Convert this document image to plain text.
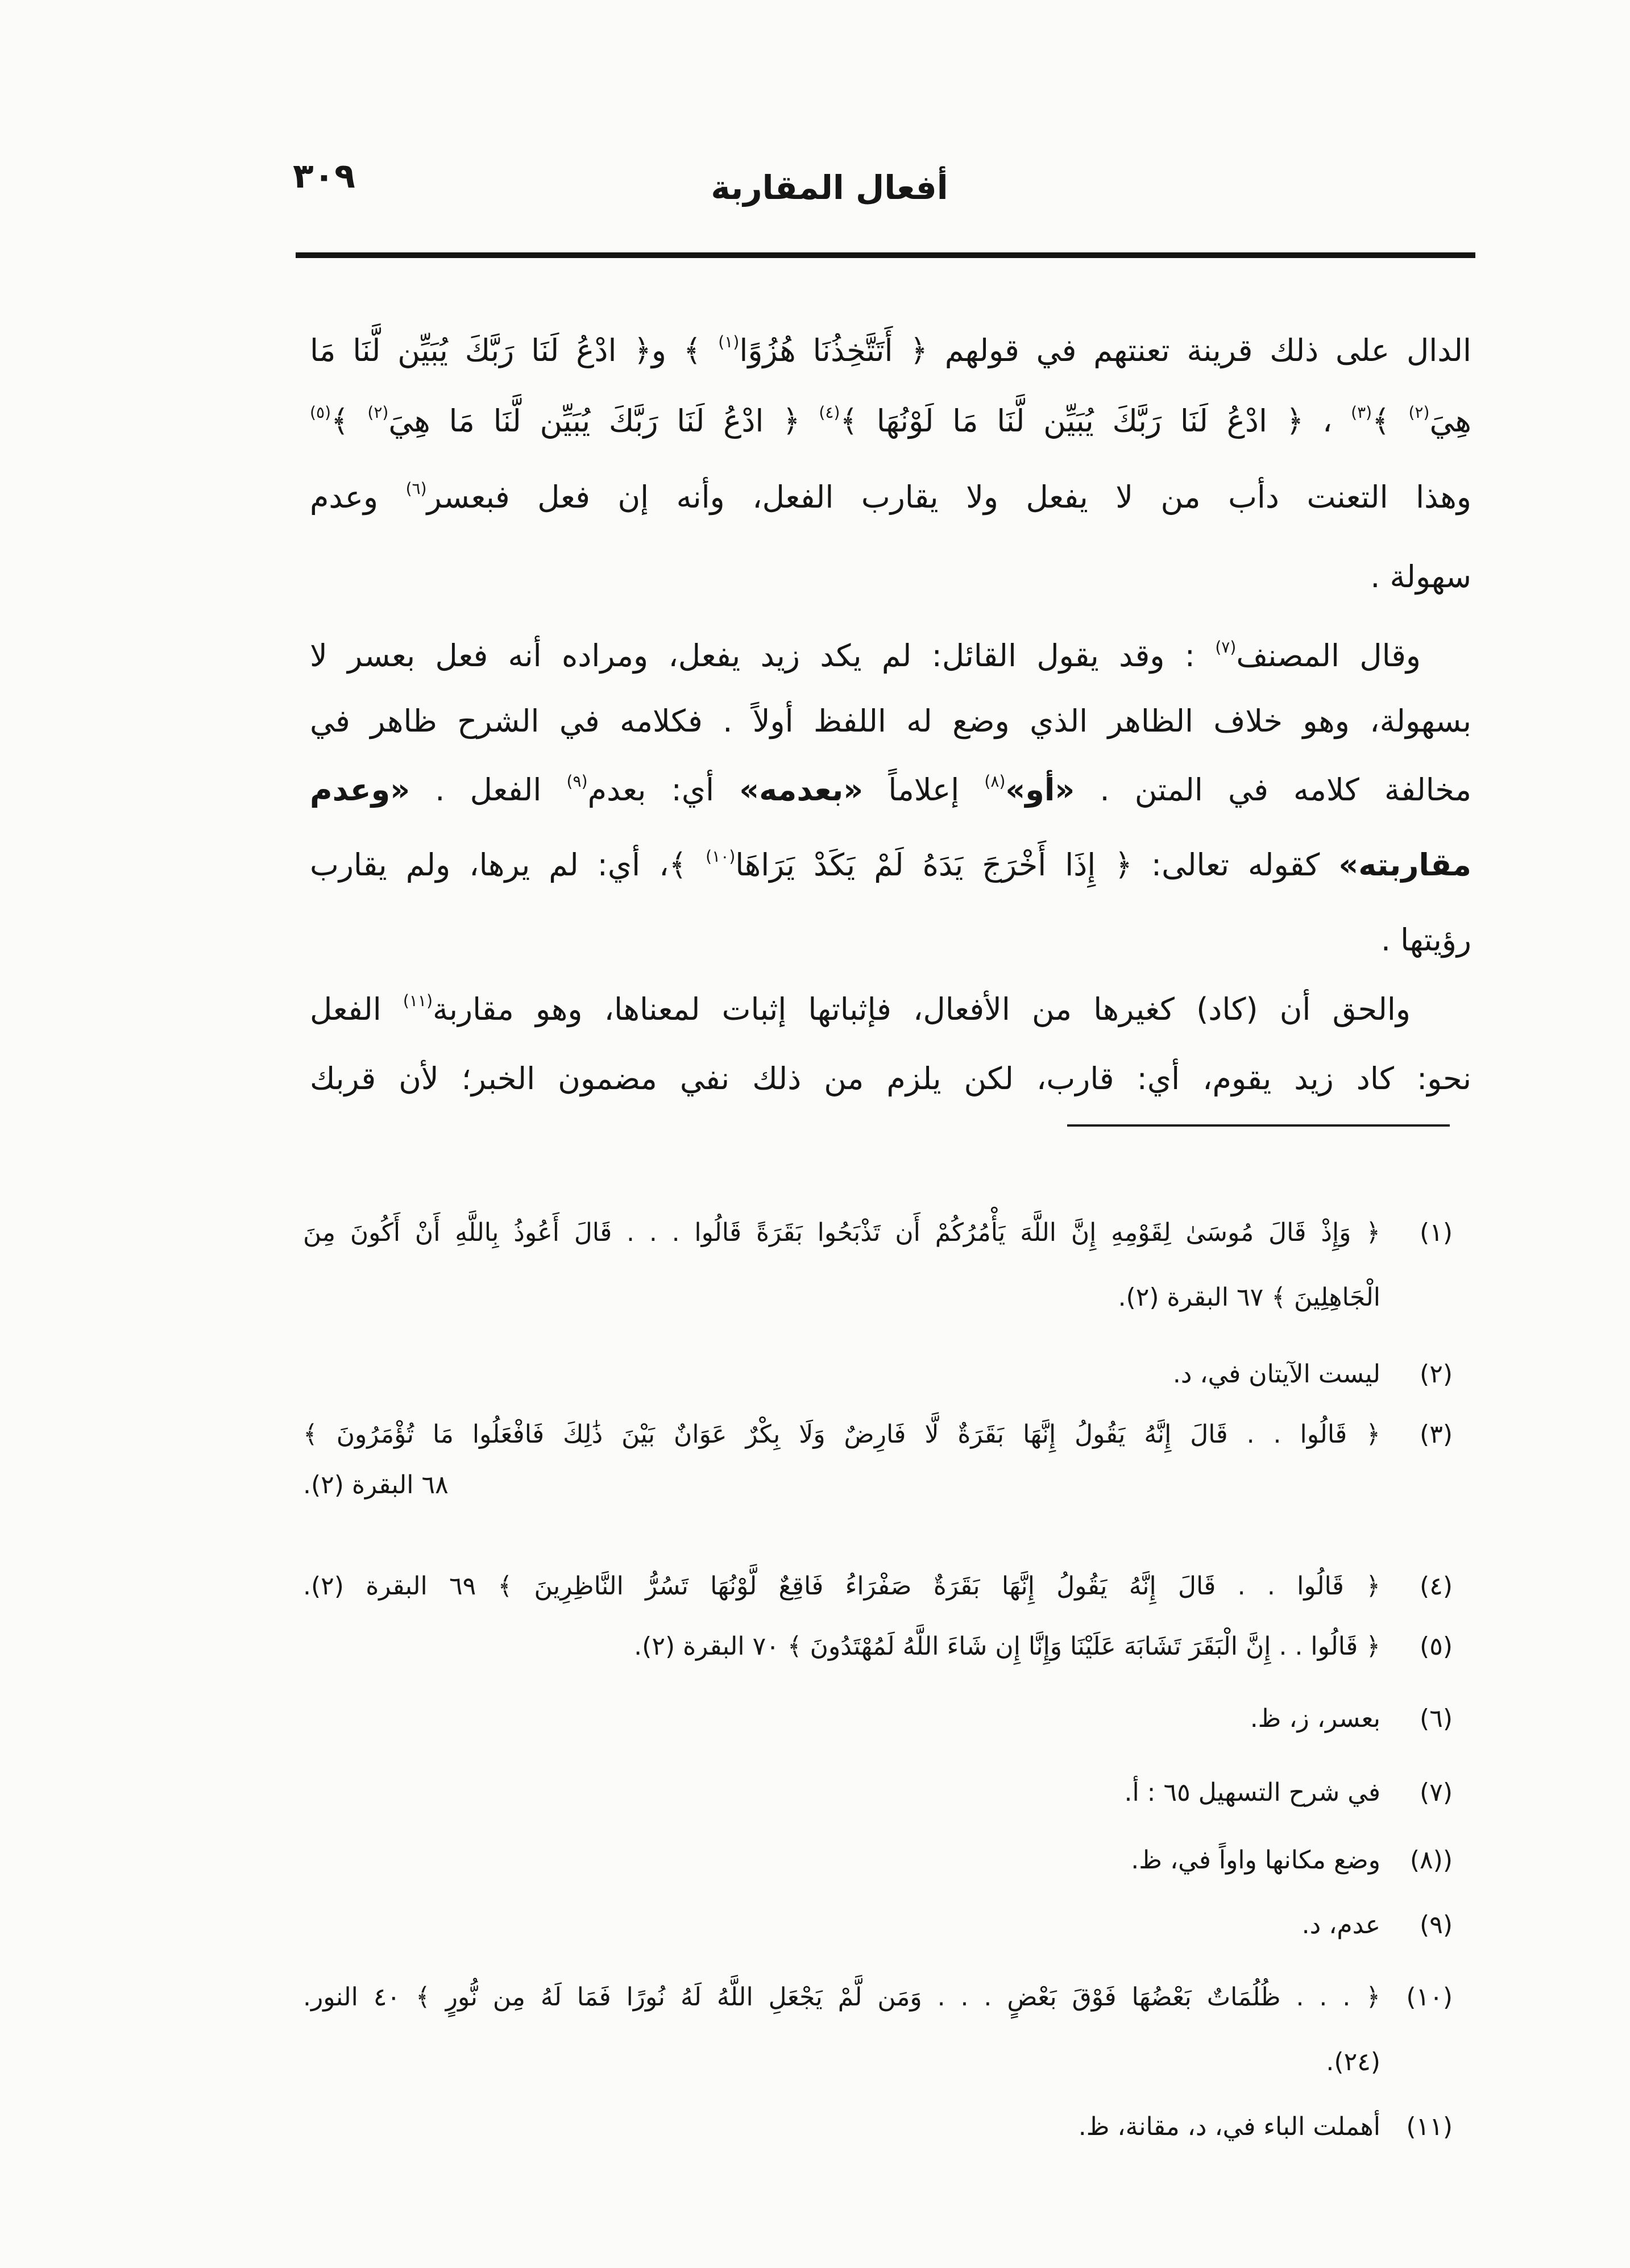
٣٠٩	أفعال المقاربة
الدال على ذلك قرينة تعنتهم في قولهم ﴿ أَتَتَّخِذُنَا هُزُوًا$^{(١)}$ ﴾ و﴿ ادْعُ لَنَا رَبَّكَ يُبَيِّن لَّنَا مَا
هِيَ$^{(٢)}$ ﴾$^{(٣)}$ ، ﴿ ادْعُ لَنَا رَبَّكَ يُبَيِّن لَّنَا مَا لَوْنُهَا ﴾$^{(٤)}$ ﴿ ادْعُ لَنَا رَبَّكَ يُبَيِّن لَّنَا مَا هِيَ$^{(٢)}$ ﴾$^{(٥)}$
وهذا التعنت دأب من لا يفعل ولا يقارب الفعل، وأنه إن فعل فبعسر$^{(٦)}$ وعدم
سهولة .
وقال المصنف$^{(٧)}$ : وقد يقول القائل: لم يكد زيد يفعل، ومراده أنه فعل بعسر لا
بسهولة، وهو خلاف الظاهر الذي وضع له اللفظ أولاً . فكلامه في الشرح ظاهر في
مخالفة كلامه في المتن . «أو»$^{(٨)}$ إعلاماً «بعدمه» أي: بعدم$^{(٩)}$ الفعل . «وعدم
مقاربته» كقوله تعالى: ﴿ إِذَا أَخْرَجَ يَدَهُ لَمْ يَكَدْ يَرَاهَا$^{(١٠)}$ ﴾، أي: لم يرها، ولم يقارب
رؤيتها .
والحق أن (كاد) كغيرها من الأفعال، فإثباتها إثبات لمعناها، وهو مقاربة$^{(١١)}$ الفعل
نحو: كاد زيد يقوم، أي: قارب، لكن يلزم من ذلك نفي مضمون الخبر؛ لأن قربك
(١)
﴿ وَإِذْ قَالَ مُوسَىٰ لِقَوْمِهِ إِنَّ اللَّهَ يَأْمُرُكُمْ أَن تَذْبَحُوا بَقَرَةً قَالُوا . . . قَالَ أَعُوذُ بِاللَّهِ أَنْ أَكُونَ مِنَ
الْجَاهِلِينَ ﴾ ٦٧ البقرة (٢).
(٢)
ليست الآيتان في، د.
(٣)
﴿ قَالُوا . . قَالَ إِنَّهُ يَقُولُ إِنَّهَا بَقَرَةٌ لَّا فَارِضٌ وَلَا بِكْرٌ عَوَانٌ بَيْنَ ذَٰلِكَ فَافْعَلُوا مَا تُؤْمَرُونَ ﴾
٦٨ البقرة (٢).
(٤)
﴿ قَالُوا . . قَالَ إِنَّهُ يَقُولُ إِنَّهَا بَقَرَةٌ صَفْرَاءُ فَاقِعٌ لَّوْنُهَا تَسُرُّ النَّاظِرِينَ ﴾ ٦٩ البقرة (٢).
(٥)
﴿ قَالُوا . . إِنَّ الْبَقَرَ تَشَابَهَ عَلَيْنَا وَإِنَّا إِن شَاءَ اللَّهُ لَمُهْتَدُونَ ﴾ ٧٠ البقرة (٢).
(٦)
بعسر، ز، ظ.
(٧)
في شرح التسهيل ٦٥ : أ.
(٨))
وضع مكانها واواً في، ظ.
(٩)
عدم، د.
(١٠)
﴿ . . . ظُلُمَاتٌ بَعْضُهَا فَوْقَ بَعْضٍ . . . وَمَن لَّمْ يَجْعَلِ اللَّهُ لَهُ نُورًا فَمَا لَهُ مِن نُّورٍ ﴾ ٤٠ النور.
(٢٤).
(١١)
أهملت الباء في، د، مقانة، ظ.
